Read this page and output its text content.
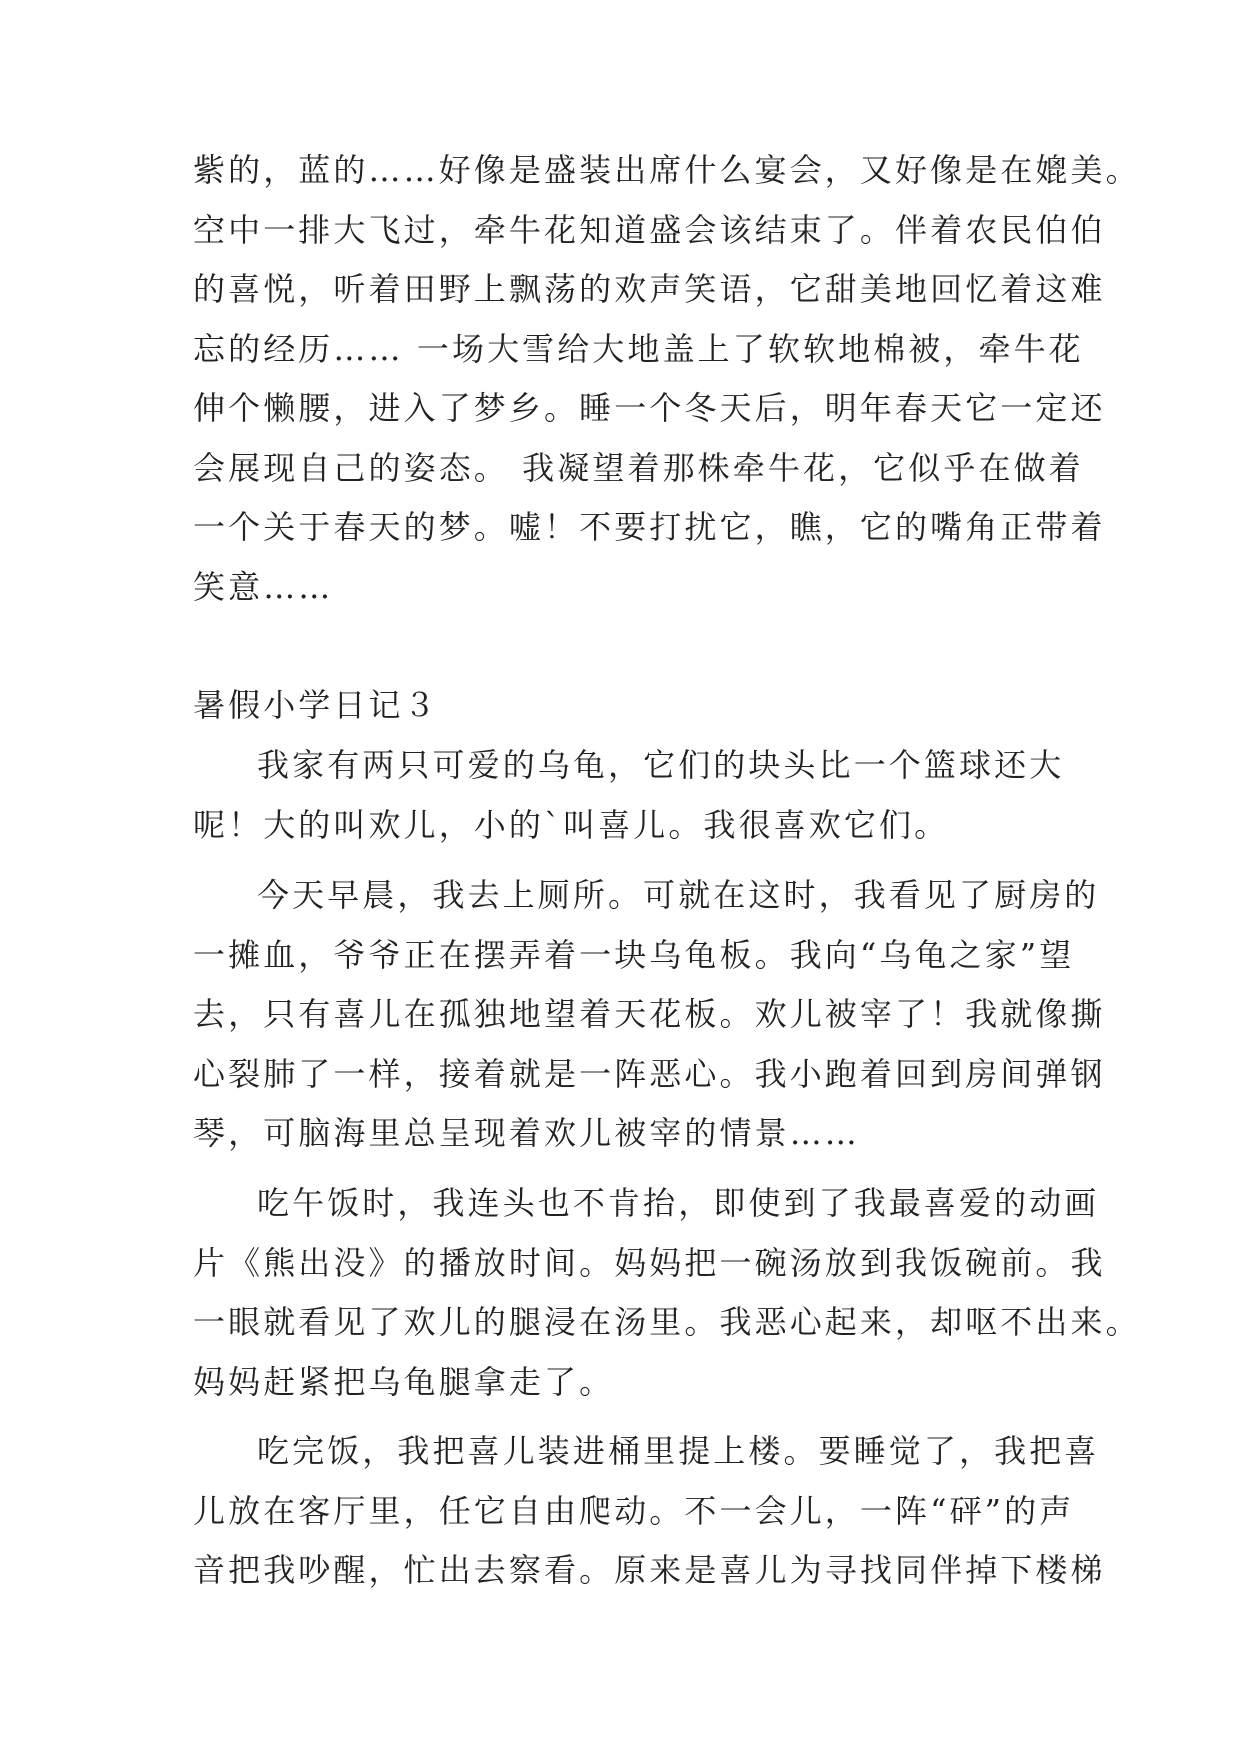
紫的，蓝的……好像是盛装出席什么宴会，又好像是在媲美。
空中一排大飞过，牵牛花知道盛会该结束了。伴着农民伯伯
的喜悦，听着田野上飘荡的欢声笑语，它甜美地回忆着这难
忘的经历…… 一场大雪给大地盖上了软软地棉被，牵牛花
伸个懒腰，进入了梦乡。睡一个冬天后，明年春天它一定还
会展现自己的姿态。 我凝望着那株牵牛花，它似乎在做着
一个关于春天的梦。嘘！不要打扰它，瞧，它的嘴角正带着
笑意……
暑假小学日记３
我家有两只可爱的乌龟，它们的块头比一个篮球还大
呢！大的叫欢儿，小的`叫喜儿。我很喜欢它们。
今天早晨，我去上厕所。可就在这时，我看见了厨房的
一摊血，爷爷正在摆弄着一块乌龟板。我向“乌龟之家”望
去，只有喜儿在孤独地望着天花板。欢儿被宰了！我就像撕
心裂肺了一样，接着就是一阵恶心。我小跑着回到房间弹钢
琴，可脑海里总呈现着欢儿被宰的情景……
吃午饭时，我连头也不肯抬，即使到了我最喜爱的动画
片《熊出没》的播放时间。妈妈把一碗汤放到我饭碗前。我
一眼就看见了欢儿的腿浸在汤里。我恶心起来，却呕不出来。
妈妈赶紧把乌龟腿拿走了。
吃完饭，我把喜儿装进桶里提上楼。要睡觉了，我把喜
儿放在客厅里，任它自由爬动。不一会儿，一阵“砰”的声
音把我吵醒，忙出去察看。原来是喜儿为寻找同伴掉下楼梯
